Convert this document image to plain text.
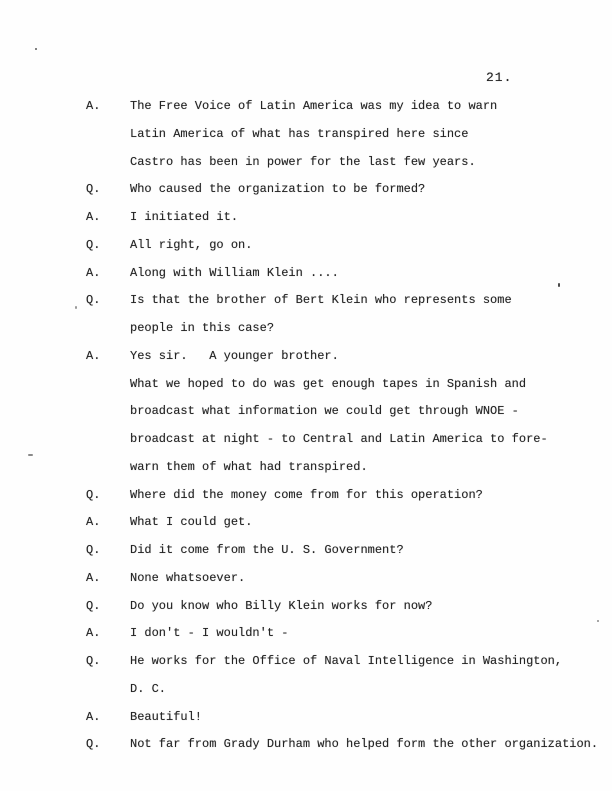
21.
A.	The Free Voice of Latin America was my idea to warn
Latin America of what has transpired here since
Castro has been in power for the last few years.
Q.	Who caused the organization to be formed?
A.	I initiated it.
Q.	All right, go on.
A.	Along with William Klein ....
Q.	Is that the brother of Bert Klein who represents some
people in this case?
A.	Yes sir.   A younger brother.
What we hoped to do was get enough tapes in Spanish and
broadcast what information we could get through WNOE -
broadcast at night - to Central and Latin America to fore-
warn them of what had transpired.
Q.	Where did the money come from for this operation?
A.	What I could get.
Q.	Did it come from the U. S. Government?
A.	None whatsoever.
Q.	Do you know who Billy Klein works for now?
A.	I don't - I wouldn't -
Q.	He works for the Office of Naval Intelligence in Washington,
D. C.
A.	Beautiful!
Q.	Not far from Grady Durham who helped form the other organization.
